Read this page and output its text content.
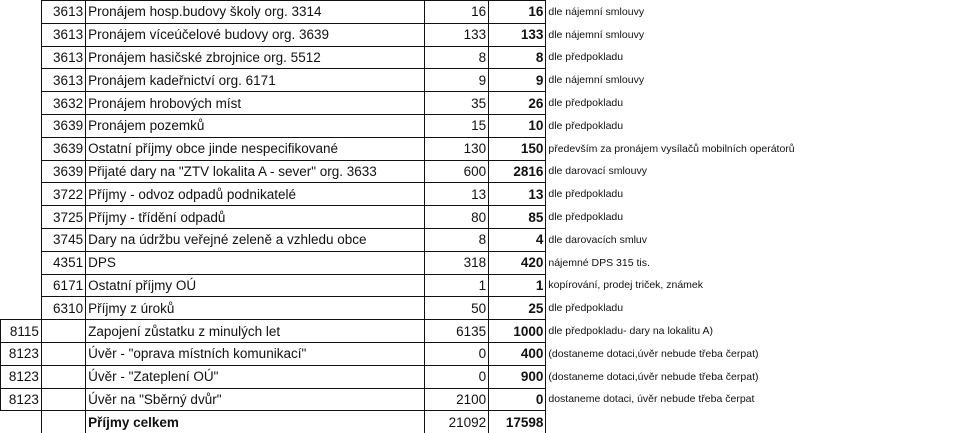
	3613	Pronájem hosp.budovy školy org. 3314	16	16	dle nájemní smlouvy
	3613	Pronájem víceúčelové budovy org. 3639	133	133	dle nájemní smlouvy
	3613	Pronájem hasičské zbrojnice org. 5512	8	8	dle předpokladu
	3613	Pronájem kadeřnictví org. 6171	9	9	dle nájemní smlouvy
	3632	Pronájem hrobových míst	35	26	dle předpokladu
	3639	Pronájem pozemků	15	10	dle předpokladu
	3639	Ostatní příjmy obce jinde nespecifikované	130	150	především za pronájem vysílačů mobilních operátorů
	3639	Přijaté dary na "ZTV lokalita A - sever" org. 3633	600	2816	dle darovací smlouvy
	3722	Příjmy - odvoz odpadů podnikatelé	13	13	dle předpokladu
	3725	Příjmy - třídění odpadů	80	85	dle předpokladu
	3745	Dary na údržbu veřejné zeleně a vzhledu obce	8	4	dle darovacích smluv
	4351	DPS	318	420	nájemné DPS 315 tis.
	6171	Ostatní příjmy OÚ	1	1	kopírování, prodej triček, známek
	6310	Příjmy z úroků	50	25	dle předpokladu
8115		Zapojení zůstatku z minulých let	6135	1000	dle předpokladu- dary na lokalitu A)
8123		Úvěr - "oprava místních komunikací"	0	400	(dostaneme dotaci,úvěr nebude třeba čerpat)
8123		Úvěr - "Zateplení OÚ"	0	900	(dostaneme dotaci,úvěr nebude třeba čerpat)
8123		Úvěr na "Sběrný dvůr"	2100	0	dostaneme dotaci, úvěr nebude třeba čerpat
		Příjmy celkem	21092	17598	
